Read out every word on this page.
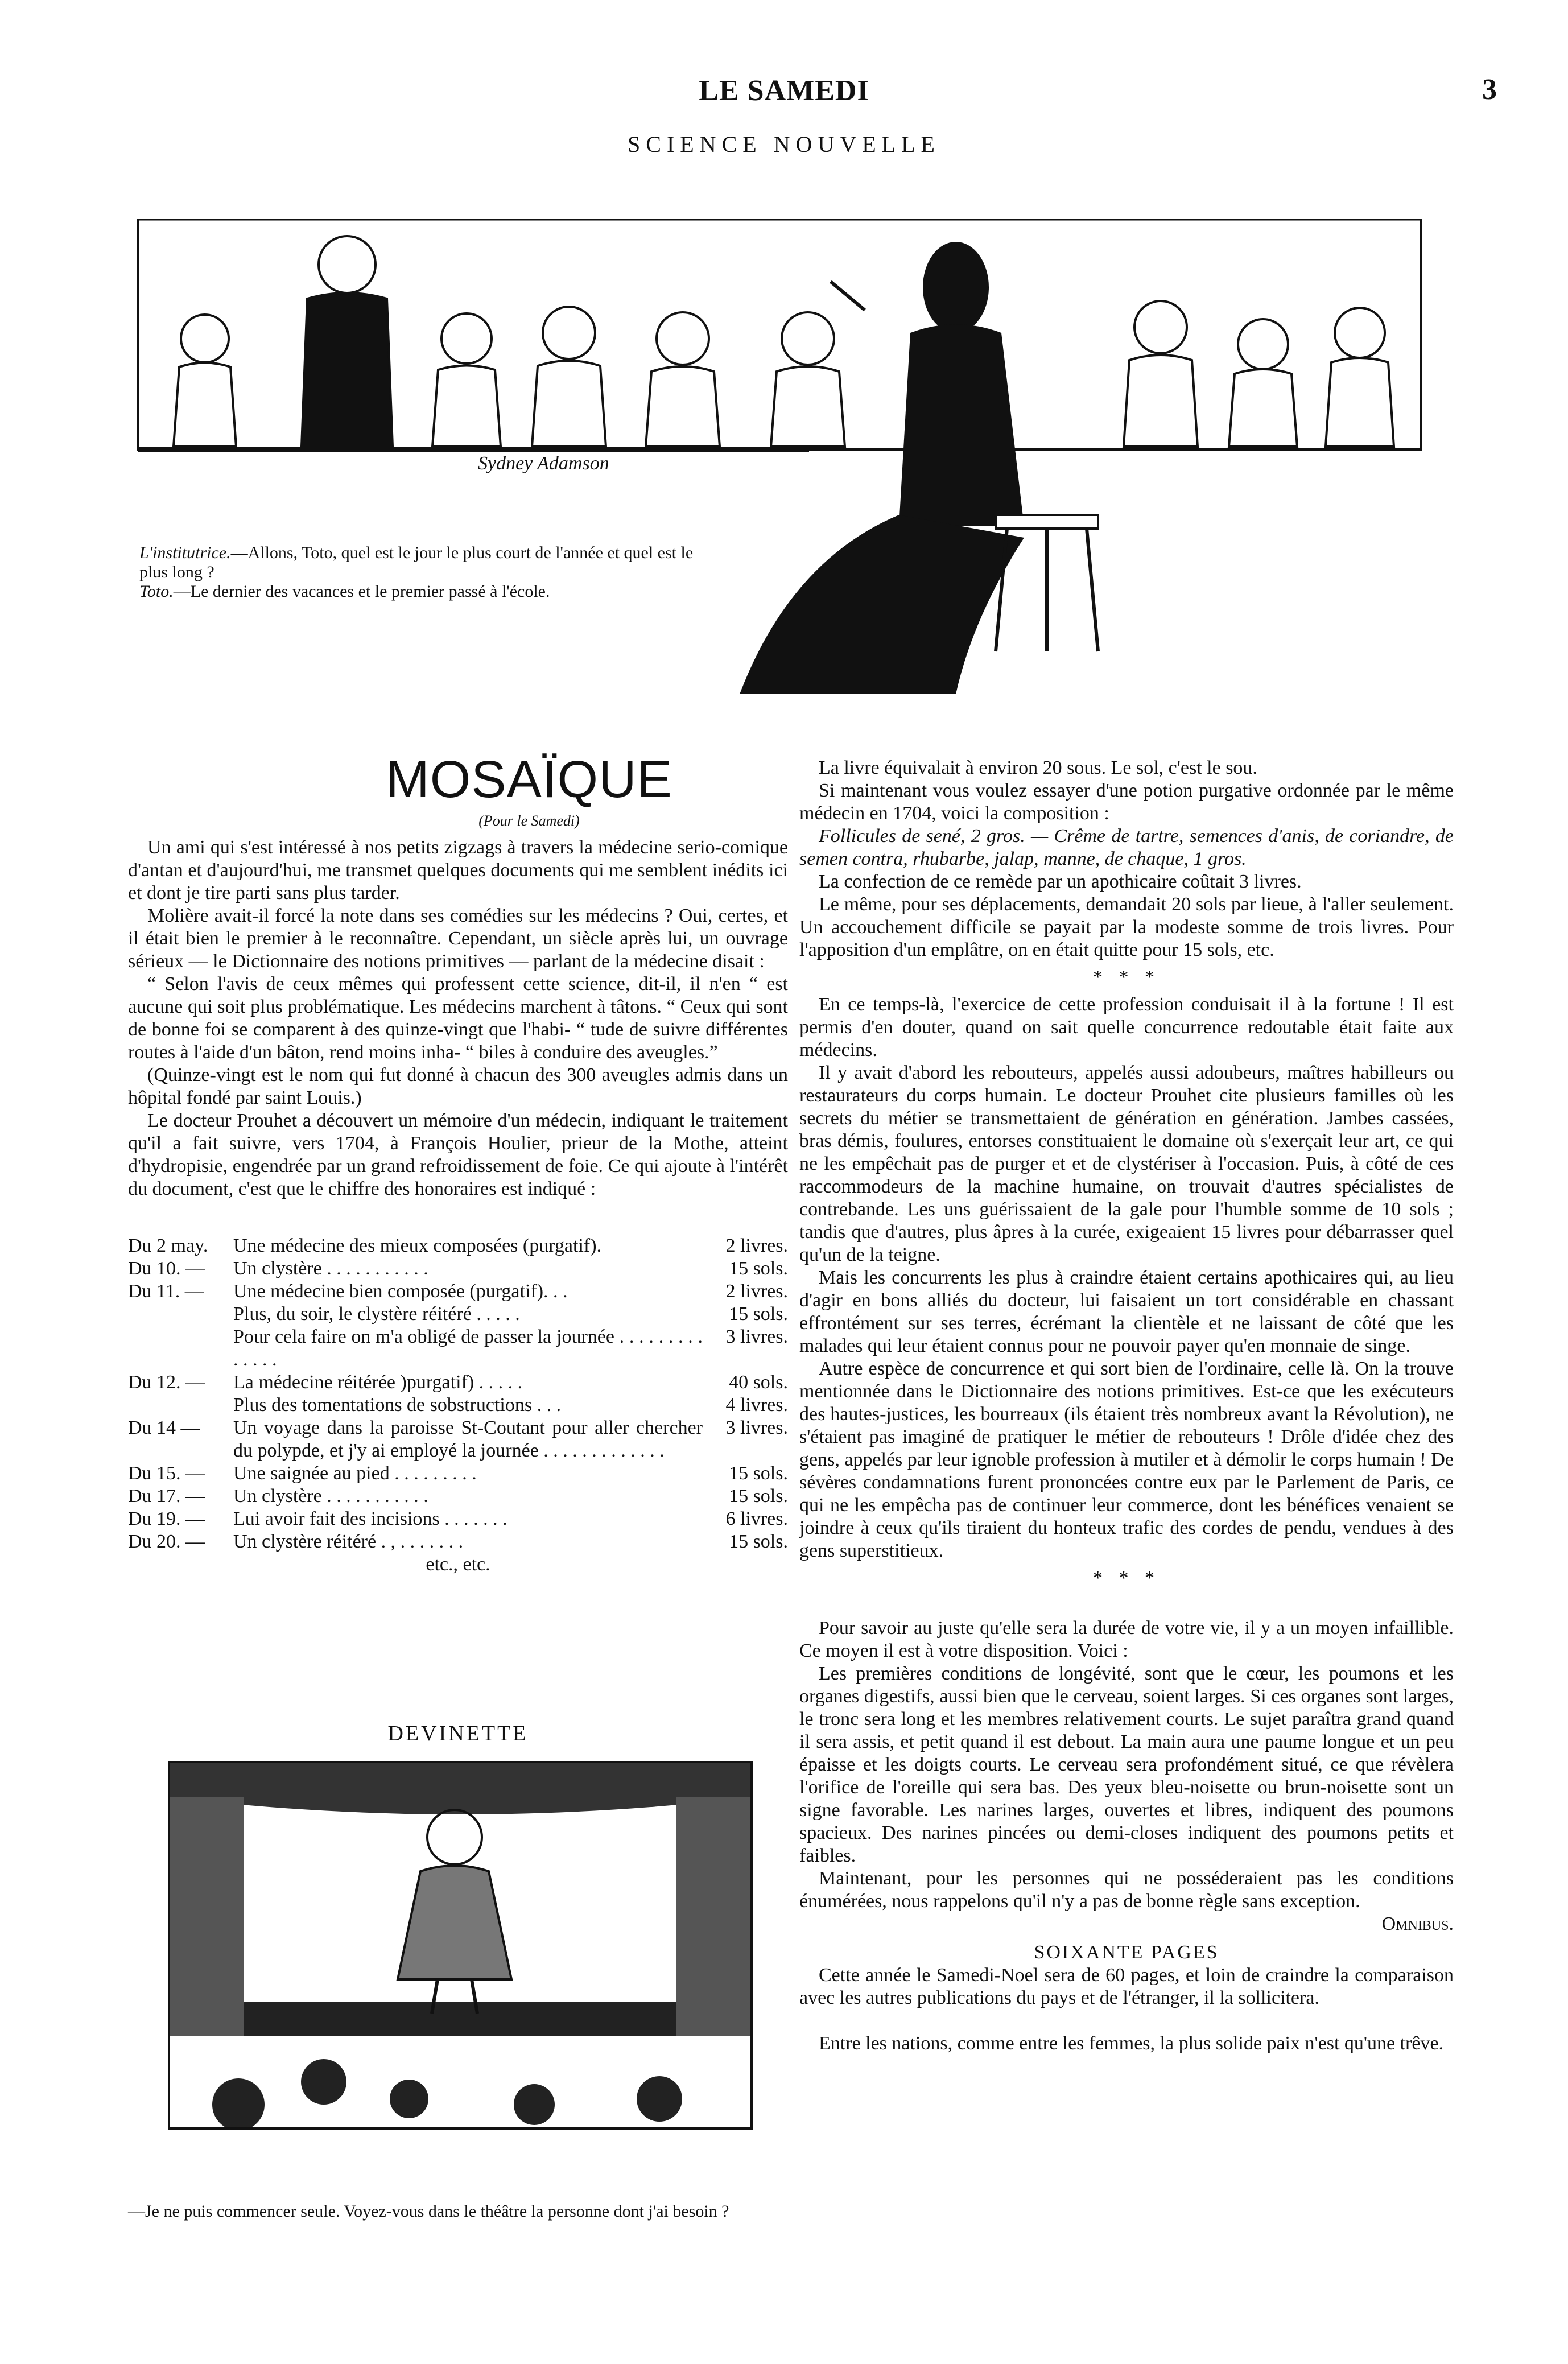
LE SAMEDI	3
SCIENCE NOUVELLE
Sydney Adamson
L'institutrice.—Allons, Toto, quel est le jour le plus court de l'année et quel est le plus long ?
Toto.—Le dernier des vacances et le premier passé à l'école.
MOSAÏQUE
(Pour le Samedi)

Un ami qui s'est intéressé à nos petits zigzags à travers la médecine serio-comique d'antan et d'aujourd'hui, me transmet quelques documents qui me semblent inédits ici et dont je tire parti sans plus tarder.

Molière avait-il forcé la note dans ses comédies sur les médecins ? Oui, certes, et il était bien le premier à le reconnaître. Cependant, un siècle après lui, un ouvrage sérieux — le Dictionnaire des notions primitives — parlant de la médecine disait :

“ Selon l'avis de ceux mêmes qui professent cette science, dit-il, il n'en “ est aucune qui soit plus problématique. Les médecins marchent à tâtons. “ Ceux qui sont de bonne foi se comparent à des quinze-vingt que l'habi- “ tude de suivre différentes routes à l'aide d'un bâton, rend moins inha- “ biles à conduire des aveugles.”

(Quinze-vingt est le nom qui fut donné à chacun des 300 aveugles admis dans un hôpital fondé par saint Louis.)

Le docteur Prouhet a découvert un mémoire d'un médecin, indiquant le traitement qu'il a fait suivre, vers 1704, à François Houlier, prieur de la Mothe, atteint d'hydropisie, engendrée par un grand refroidissement de foie. Ce qui ajoute à l'intérêt du document, c'est que le chiffre des honoraires est indiqué :

Du 2 may.	Une médecine des mieux composées (purgatif).	2 livres.
Du 10. —	Un clystère . . . . . . . . . . .	15 sols.
Du 11. —	Une médecine bien composée (purgatif). . .	2 livres.
	Plus, du soir, le clystère réitéré . . . . .	15 sols.
	Pour cela faire on m'a obligé de passer la journée . . . . . . . . . . . . . .	3 livres.
Du 12. —	La médecine réitérée )purgatif) . . . . .	40 sols.
	Plus des tomentations de sobstructions . . .	4 livres.
Du 14 —	Un voyage dans la paroisse St-Coutant pour aller chercher du polypde, et j'y ai employé la journée . . . . . . . . . . . . .	3 livres.
Du 15. —	Une saignée au pied . . . . . . . . .	15 sols.
Du 17. —	Un clystère . . . . . . . . . . .	15 sols.
Du 19. —	Lui avoir fait des incisions . . . . . . .	6 livres.
Du 20. —	Un clystère réitéré . , . . . . . . .	15 sols.
etc., etc.
DEVINETTE
—Je ne puis commencer seule. Voyez-vous dans le théâtre la personne dont j'ai besoin ?

La livre équivalait à environ 20 sous. Le sol, c'est le sou.

Si maintenant vous voulez essayer d'une potion purgative ordonnée par le même médecin en 1704, voici la composition :

Follicules de sené, 2 gros. — Crême de tartre, semences d'anis, de coriandre, de semen contra, rhubarbe, jalap, manne, de chaque, 1 gros.

La confection de ce remède par un apothicaire coûtait 3 livres.

Le même, pour ses déplacements, demandait 20 sols par lieue, à l'aller seulement. Un accouchement difficile se payait par la modeste somme de trois livres. Pour l'apposition d'un emplâtre, on en était quitte pour 15 sols, etc.

* * *

En ce temps-là, l'exercice de cette profession conduisait il à la fortune ! Il est permis d'en douter, quand on sait quelle concurrence redoutable était faite aux médecins.

Il y avait d'abord les rebouteurs, appelés aussi adoubeurs, maîtres habilleurs ou restaurateurs du corps humain. Le docteur Prouhet cite plusieurs familles où les secrets du métier se transmettaient de génération en génération. Jambes cassées, bras démis, foulures, entorses constituaient le domaine où s'exerçait leur art, ce qui ne les empêchait pas de purger et et de clystériser à l'occasion. Puis, à côté de ces raccommodeurs de la machine humaine, on trouvait d'autres spécialistes de contrebande. Les uns guérissaient de la gale pour l'humble somme de 10 sols ; tandis que d'autres, plus âpres à la curée, exigeaient 15 livres pour débarrasser quel qu'un de la teigne.

Mais les concurrents les plus à craindre étaient certains apothicaires qui, au lieu d'agir en bons alliés du docteur, lui faisaient un tort considérable en chassant effrontément sur ses terres, écrémant la clientèle et ne laissant de côté que les malades qui leur étaient connus pour ne pouvoir payer qu'en monnaie de singe.

Autre espèce de concurrence et qui sort bien de l'ordinaire, celle là. On la trouve mentionnée dans le Dictionnaire des notions primitives. Est-ce que les exécuteurs des hautes-justices, les bourreaux (ils étaient très nombreux avant la Révolution), ne s'étaient pas imaginé de pratiquer le métier de rebouteurs ! Drôle d'idée chez des gens, appelés par leur ignoble profession à mutiler et à démolir le corps humain ! De sévères condamnations furent prononcées contre eux par le Parlement de Paris, ce qui ne les empêcha pas de continuer leur commerce, dont les bénéfices venaient se joindre à ceux qu'ils tiraient du honteux trafic des cordes de pendu, vendues à des gens superstitieux.

* * *

Pour savoir au juste qu'elle sera la durée de votre vie, il y a un moyen infaillible. Ce moyen il est à votre disposition. Voici :

Les premières conditions de longévité, sont que le cœur, les poumons et les organes digestifs, aussi bien que le cerveau, soient larges. Si ces organes sont larges, le tronc sera long et les membres relativement courts. Le sujet paraîtra grand quand il sera assis, et petit quand il est debout. La main aura une paume longue et un peu épaisse et les doigts courts. Le cerveau sera profondément situé, ce que révèlera l'orifice de l'oreille qui sera bas. Des yeux bleu-noisette ou brun-noisette sont un signe favorable. Les narines larges, ouvertes et libres, indiquent des poumons spacieux. Des narines pincées ou demi-closes indiquent des poumons petits et faibles.

Maintenant, pour les personnes qui ne posséderaient pas les conditions énumérées, nous rappelons qu'il n'y a pas de bonne règle sans exception.

Omnibus.
SOIXANTE PAGES

Cette année le Samedi-Noel sera de 60 pages, et loin de craindre la comparaison avec les autres publications du pays et de l'étranger, il la sollicitera.

Entre les nations, comme entre les femmes, la plus solide paix n'est qu'une trêve.
